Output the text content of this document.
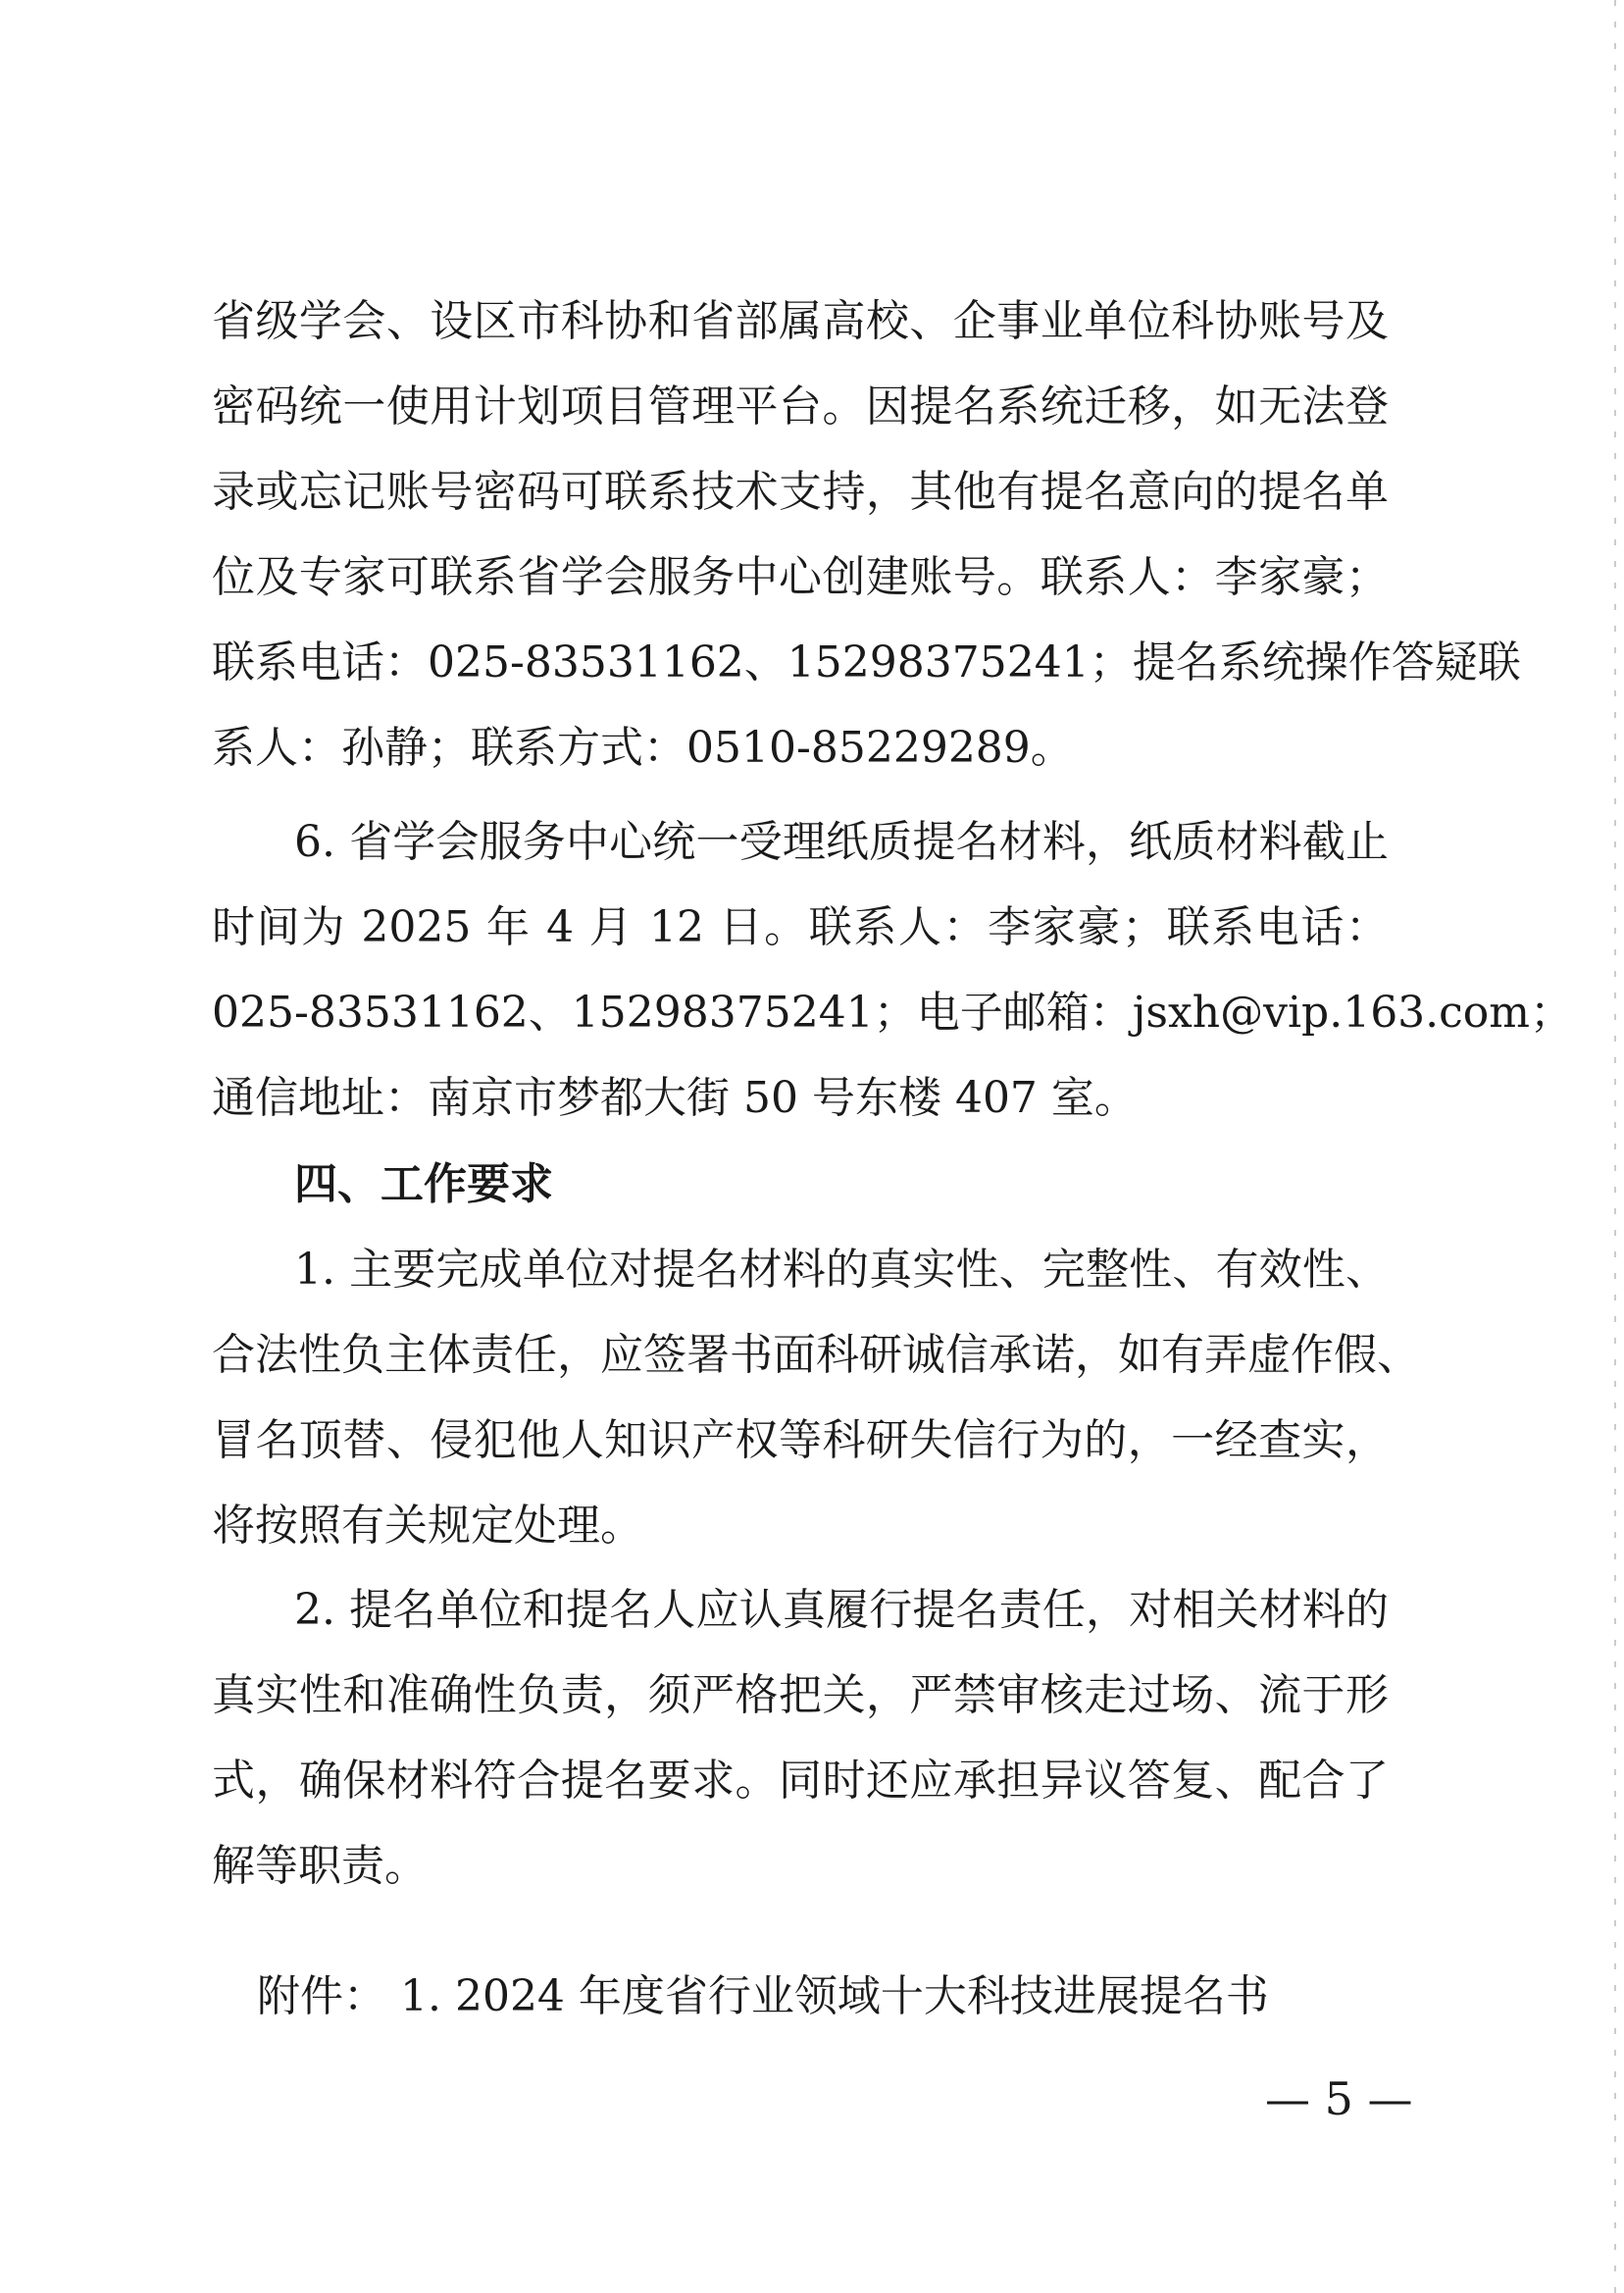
省级学会、设区市科协和省部属高校、企事业单位科协账号及
密码统一使用计划项目管理平台。因提名系统迁移，如无法登
录或忘记账号密码可联系技术支持，其他有提名意向的提名单
位及专家可联系省学会服务中心创建账号。联系人：李家豪；
联系电话：025-83531162、15298375241；提名系统操作答疑联
系人：孙静；联系方式：0510-85229289。
6. 省学会服务中心统一受理纸质提名材料，纸质材料截止
时间为 2025 年 4 月 12 日。联系人：李家豪；联系电话：
025-83531162、15298375241；电子邮箱：jsxh@vip.163.com；
通信地址：南京市梦都大街 50 号东楼 407 室。
四、工作要求
1. 主要完成单位对提名材料的真实性、完整性、有效性、
合法性负主体责任，应签署书面科研诚信承诺，如有弄虚作假、
冒名顶替、侵犯他人知识产权等科研失信行为的，一经查实，
将按照有关规定处理。
2. 提名单位和提名人应认真履行提名责任，对相关材料的
真实性和准确性负责，须严格把关，严禁审核走过场、流于形
式，确保材料符合提名要求。同时还应承担异议答复、配合了
解等职责。
附件： 1. 2024 年度省行业领域十大科技进展提名书
— 5 —
